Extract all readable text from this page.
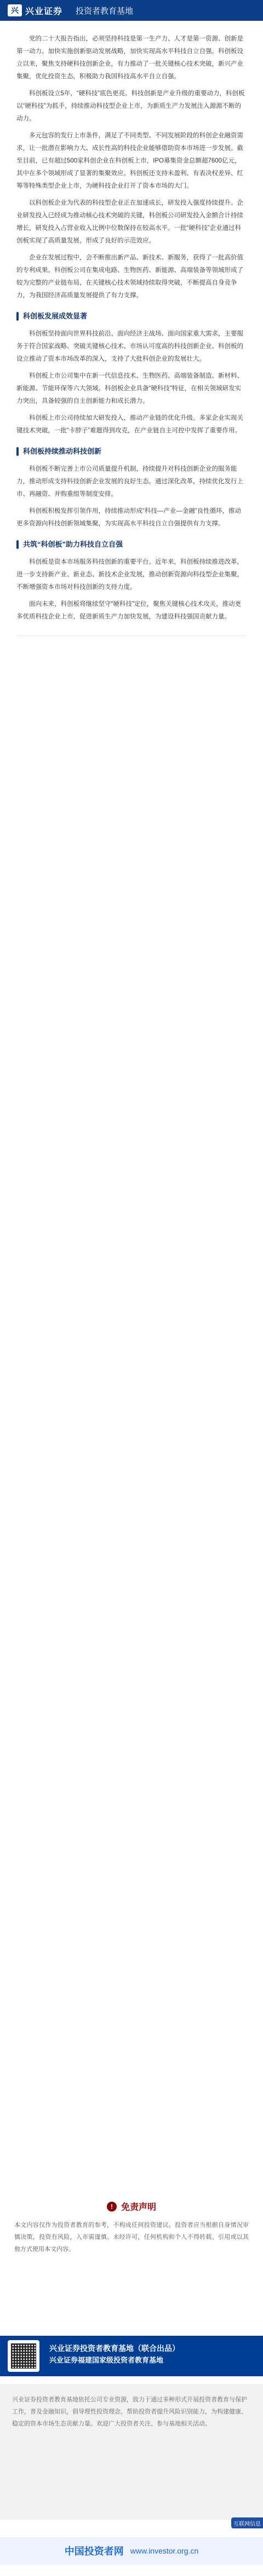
兴 兴业证券 投资者教育基地

党的二十大报告指出，必须坚持科技是第一生产力、人才是第一资源、创新是第一动力。加快实施创新驱动发展战略，加快实现高水平科技自立自强。科创板设立以来，聚焦支持硬科技创新企业，有力推动了一批关键核心技术突破，新兴产业集聚，优化投资生态，积极助力我国科技高水平自立自强。

科创板设立5年，“硬科技”底色更亮。科技创新是产业升级的重要动力，科创板以“硬科技”为抓手，持续推动科技型企业上市，为新质生产力发展注入源源不断的动力。

多元包容的发行上市条件，满足了不同类型、不同发展阶段的科创企业融资需求，让一批潜在影响力大、成长性高的科技企业能够借助资本市场进一步发展。截至目前，已有超过500家科创企业在科创板上市，IPO募集资金总额超7600亿元，其中在多个领域形成了显著的集聚效应。科创板还支持未盈利、有表决权差异、红筹等特殊类型企业上市，为硬科技企业打开了资本市场的大门。

以科创板企业为代表的科技型企业正在加速成长，研发投入强度持续提升。企业研发投入已经成为推动核心技术突破的关键，科创板公司研发投入金额合计持续增长，研发投入占营业收入比例中位数保持在较高水平。一批“硬科技”企业通过科创板实现了高质量发展，形成了良好的示范效应。

企业在发展过程中，会不断推出新产品、新技术、新服务，获得了一批高价值的专利成果。科创板公司在集成电路、生物医药、新能源、高端装备等领域形成了较为完整的产业链布局，在关键核心技术领域持续取得突破，不断提高自身竞争力，为我国经济高质量发展提供了有力支撑。

科创板发展成效显著

科创板坚持面向世界科技前沿、面向经济主战场、面向国家重大需求，主要服务于符合国家战略、突破关键核心技术、市场认可度高的科技创新企业。科创板的设立推动了资本市场改革的深入，支持了大批科创企业的发展壮大。

科创板上市公司集中在新一代信息技术、生物医药、高端装备制造、新材料、新能源、节能环保等六大领域。科创板企业具备“硬科技”特征，在相关领域研发实力突出，具备较强的自主创新能力和成长潜力。

科创板上市公司持续加大研发投入，推动产业链的优化升级。多家企业实现关键技术突破，一批“卡脖子”难题得到攻克，在产业链自主可控中发挥了重要作用。

科创板持续推动科技创新

科创板不断完善上市公司质量提升机制，持续提升对科技创新企业的服务能力，推动形成支持科技创新企业发展的良好生态。通过深化改革，持续优化发行上市、再融资、并购重组等制度安排。

科创板积极发挥引领作用，持续推动形成“科技—产业—金融”良性循环，推动更多资源向科技创新领域集聚，为实现高水平科技自立自强提供有力支撑。

共筑“科创板”助力科技自立自强

科创板是资本市场服务科技创新的重要平台。近年来，科创板持续推进改革，进一步支持新产业、新业态、新技术企业发展，推动创新资源向科技型企业集聚，不断增强资本市场对科技创新的支持力度。

面向未来，科创板将继续坚守“硬科技”定位，聚焦关键核心技术攻关，推动更多优质科技企业上市，促进新质生产力加快发展，为建设科技强国贡献力量。

! 免责声明
本文内容仅作为投资者教育的参考，不构成任何投资建议。投资者应当根据自身情况审慎决策，投资有风险，入市需谨慎。未经许可，任何机构和个人不得转载、引用或以其他方式使用本文内容。
兴业证券投资者教育基地（联合出品）
兴业证券福建国家级投资者教育基地
兴业证券投资者教育基地依托公司专业资源，致力于通过多种形式开展投资者教育与保护工作，普及金融知识，倡导理性投资理念，帮助投资者提升风险识别能力，为构建健康、稳定的资本市场生态贡献力量。欢迎广大投资者关注、参与基地相关活动。
互联网信息
中国投资者网 www.investor.org.cn
